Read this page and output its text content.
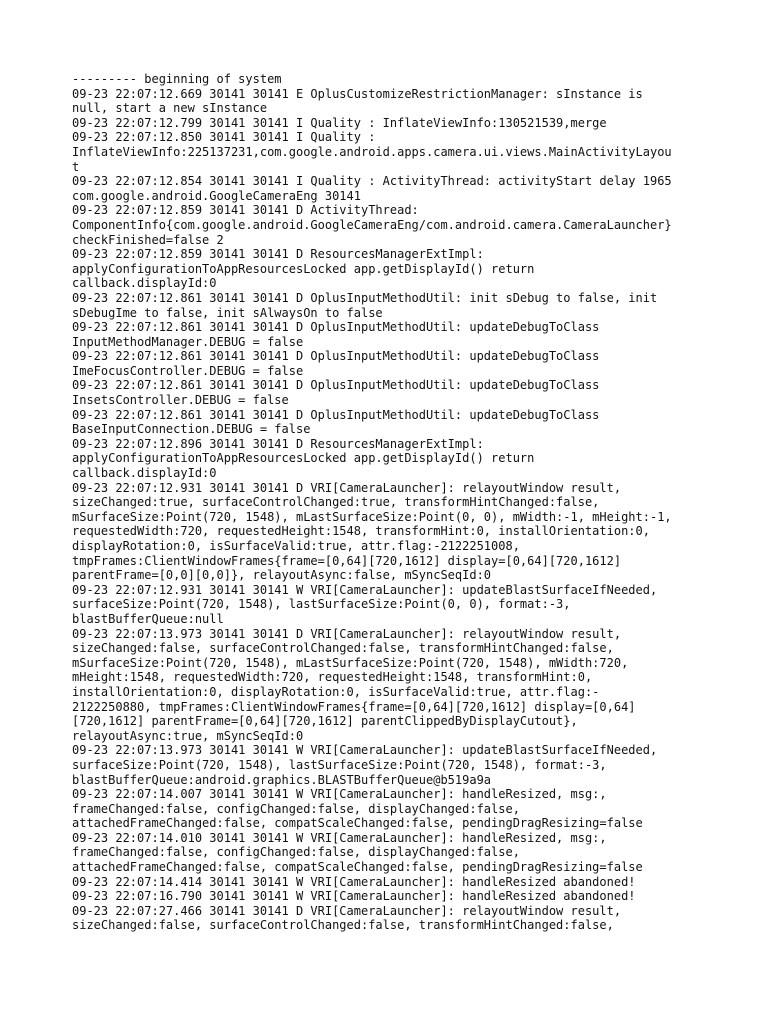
--------- beginning of system

09-23 22:07:12.669 30141 30141 E OplusCustomizeRestrictionManager: sInstance is

null, start a new sInstance

09-23 22:07:12.799 30141 30141 I Quality : InflateViewInfo:130521539,merge

09-23 22:07:12.850 30141 30141 I Quality :

InflateViewInfo:225137231,com.google.android.apps.camera.ui.views.MainActivityLayou

t

09-23 22:07:12.854 30141 30141 I Quality : ActivityThread: activityStart delay 1965

com.google.android.GoogleCameraEng 30141

09-23 22:07:12.859 30141 30141 D ActivityThread:

ComponentInfo{com.google.android.GoogleCameraEng/com.android.camera.CameraLauncher}

checkFinished=false 2

09-23 22:07:12.859 30141 30141 D ResourcesManagerExtImpl:

applyConfigurationToAppResourcesLocked app.getDisplayId() return

callback.displayId:0

09-23 22:07:12.861 30141 30141 D OplusInputMethodUtil: init sDebug to false, init

sDebugIme to false, init sAlwaysOn to false

09-23 22:07:12.861 30141 30141 D OplusInputMethodUtil: updateDebugToClass

InputMethodManager.DEBUG = false

09-23 22:07:12.861 30141 30141 D OplusInputMethodUtil: updateDebugToClass

ImeFocusController.DEBUG = false

09-23 22:07:12.861 30141 30141 D OplusInputMethodUtil: updateDebugToClass

InsetsController.DEBUG = false

09-23 22:07:12.861 30141 30141 D OplusInputMethodUtil: updateDebugToClass

BaseInputConnection.DEBUG = false

09-23 22:07:12.896 30141 30141 D ResourcesManagerExtImpl:

applyConfigurationToAppResourcesLocked app.getDisplayId() return

callback.displayId:0

09-23 22:07:12.931 30141 30141 D VRI[CameraLauncher]: relayoutWindow result,

sizeChanged:true, surfaceControlChanged:true, transformHintChanged:false,

mSurfaceSize:Point(720, 1548), mLastSurfaceSize:Point(0, 0), mWidth:-1, mHeight:-1,

requestedWidth:720, requestedHeight:1548, transformHint:0, installOrientation:0,

displayRotation:0, isSurfaceValid:true, attr.flag:-2122251008,

tmpFrames:ClientWindowFrames{frame=[0,64][720,1612] display=[0,64][720,1612]

parentFrame=[0,0][0,0]}, relayoutAsync:false, mSyncSeqId:0

09-23 22:07:12.931 30141 30141 W VRI[CameraLauncher]: updateBlastSurfaceIfNeeded,

surfaceSize:Point(720, 1548), lastSurfaceSize:Point(0, 0), format:-3,

blastBufferQueue:null

09-23 22:07:13.973 30141 30141 D VRI[CameraLauncher]: relayoutWindow result,

sizeChanged:false, surfaceControlChanged:false, transformHintChanged:false,

mSurfaceSize:Point(720, 1548), mLastSurfaceSize:Point(720, 1548), mWidth:720,

mHeight:1548, requestedWidth:720, requestedHeight:1548, transformHint:0,

installOrientation:0, displayRotation:0, isSurfaceValid:true, attr.flag:-

2122250880, tmpFrames:ClientWindowFrames{frame=[0,64][720,1612] display=[0,64]

[720,1612] parentFrame=[0,64][720,1612] parentClippedByDisplayCutout},

relayoutAsync:true, mSyncSeqId:0

09-23 22:07:13.973 30141 30141 W VRI[CameraLauncher]: updateBlastSurfaceIfNeeded,

surfaceSize:Point(720, 1548), lastSurfaceSize:Point(720, 1548), format:-3,

blastBufferQueue:android.graphics.BLASTBufferQueue@b519a9a

09-23 22:07:14.007 30141 30141 W VRI[CameraLauncher]: handleResized, msg:,

frameChanged:false, configChanged:false, displayChanged:false,

attachedFrameChanged:false, compatScaleChanged:false, pendingDragResizing=false

09-23 22:07:14.010 30141 30141 W VRI[CameraLauncher]: handleResized, msg:,

frameChanged:false, configChanged:false, displayChanged:false,

attachedFrameChanged:false, compatScaleChanged:false, pendingDragResizing=false

09-23 22:07:14.414 30141 30141 W VRI[CameraLauncher]: handleResized abandoned!

09-23 22:07:16.790 30141 30141 W VRI[CameraLauncher]: handleResized abandoned!

09-23 22:07:27.466 30141 30141 D VRI[CameraLauncher]: relayoutWindow result,

sizeChanged:false, surfaceControlChanged:false, transformHintChanged:false,
